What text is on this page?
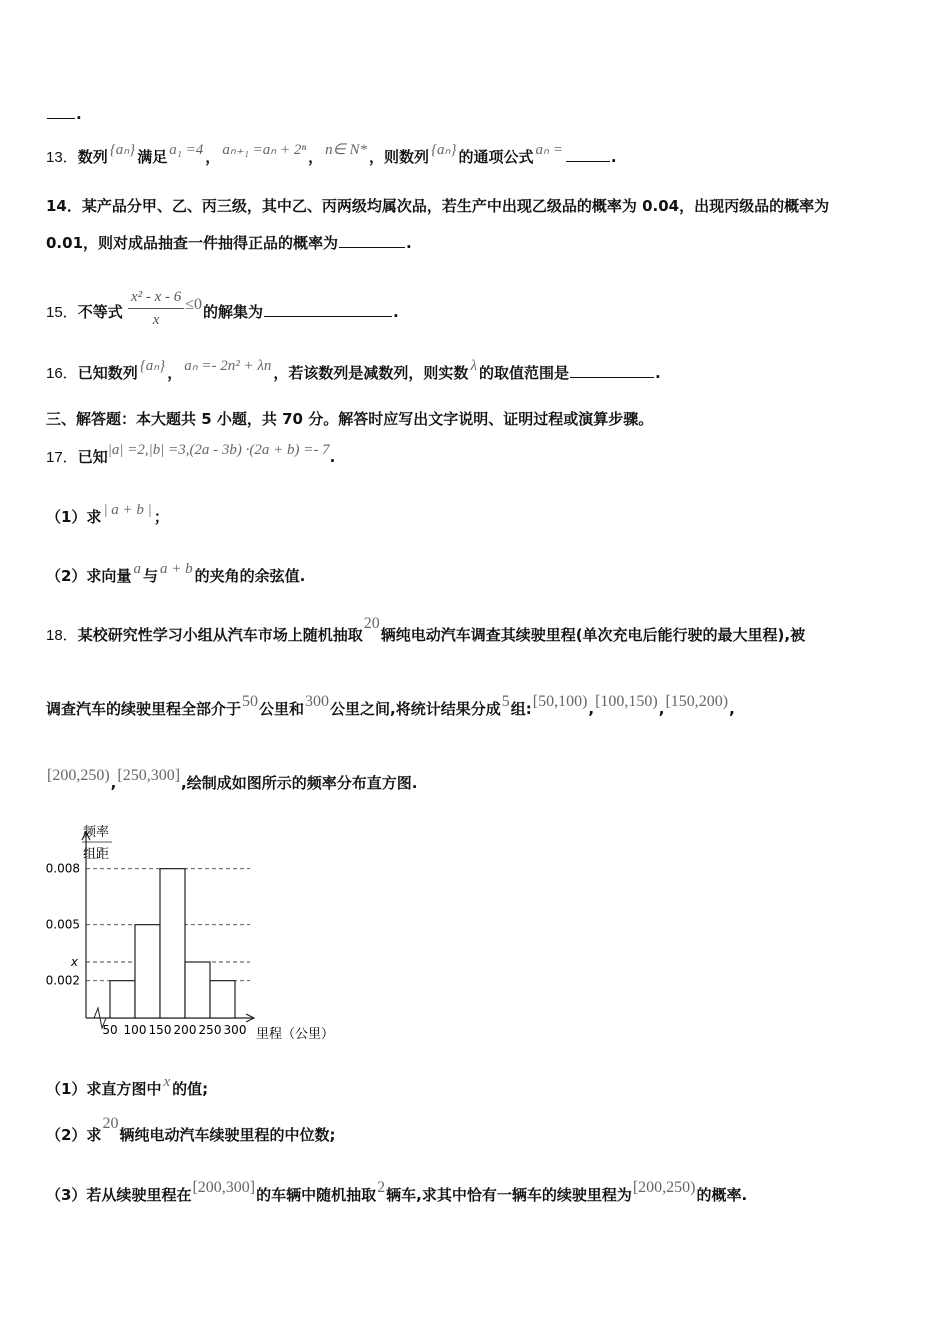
.
13．数列 {aₙ} 满足 a₁ =4 ， aₙ₊₁ =aₙ + 2ⁿ ， n∈ N* ，则数列 {aₙ} 的通项公式 aₙ =	.
14．某产品分甲、乙、丙三级，其中乙、丙两级均属次品，若生产中出现乙级品的概率为 0.04，出现丙级品的概率为
0.01，则对成品抽查一件抽得正品的概率为	.
15．不等式 $\frac{\text{x² - x - 6}}{x} \le 0$的解集为	.
16．已知数列 {aₙ} ， aₙ =- 2n² + λn ，若该数列是减数列，则实数 λ 的取值范围是	.
三、解答题：本大题共 5 小题，共 70 分。解答时应写出文字说明、证明过程或演算步骤。
17．已知|a| =2,|b| =3,(2a - 3b) ·(2a + b) =- 7.
（1）求 | a + b | ；
（2）求向量 a 与 a + b 的夹角的余弦值.
18．某校研究性学习小组从汽车市场上随机抽取20辆纯电动汽车调查其续驶里程(单次充电后能行驶的最大里程),被
调查汽车的续驶里程全部介于50公里和300公里之间,将统计结果分成5组:[50,100),[100,150),[150,200),
[200,250),[250,300],绘制成如图所示的频率分布直方图.
频率
组距
0.008
0.005
x
0.002
50 100 150 200 250 300 里程（公里）
（1）求直方图中 x 的值;
（2）求20辆纯电动汽车续驶里程的中位数;
（3）若从续驶里程在[200,300]的车辆中随机抽取2辆车,求其中恰有一辆车的续驶里程为[200,250)的概率.
